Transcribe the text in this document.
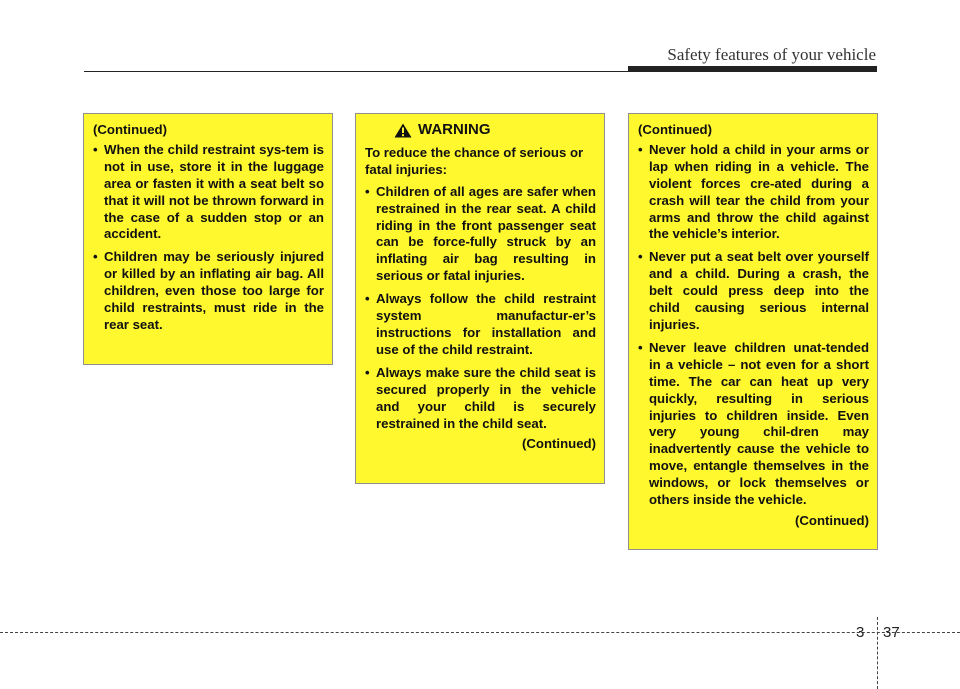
Safety features of your vehicle
(Continued)
• When the child restraint sys-tem is not in use, store it in the luggage area or fasten it with a seat belt so that it will not be thrown forward in the case of a sudden stop or an accident.
• Children may be seriously injured or killed by an inflating air bag. All children, even those too large for child restraints, must ride in the rear seat.
WARNING
To reduce the chance of serious or fatal injuries:
• Children of all ages are safer when restrained in the rear seat. A child riding in the front passenger seat can be force-fully struck by an inflating air bag resulting in serious or fatal injuries.
• Always follow the child restraint system manufactur-er’s instructions for installation and use of the child restraint.
• Always make sure the child seat is secured properly in the vehicle and your child is securely restrained in the child seat.
(Continued)
(Continued)
• Never hold a child in your arms or lap when riding in a vehicle. The violent forces cre-ated during a crash will tear the child from your arms and throw the child against the vehicle’s interior.
• Never put a seat belt over yourself and a child. During a crash, the belt could press deep into the child causing serious internal injuries.
• Never leave children unat-tended in a vehicle – not even for a short time. The car can heat up very quickly, resulting in serious injuries to children inside. Even very young chil-dren may inadvertently cause the vehicle to move, entangle themselves in the windows, or lock themselves or others inside the vehicle.
(Continued)
3 37
